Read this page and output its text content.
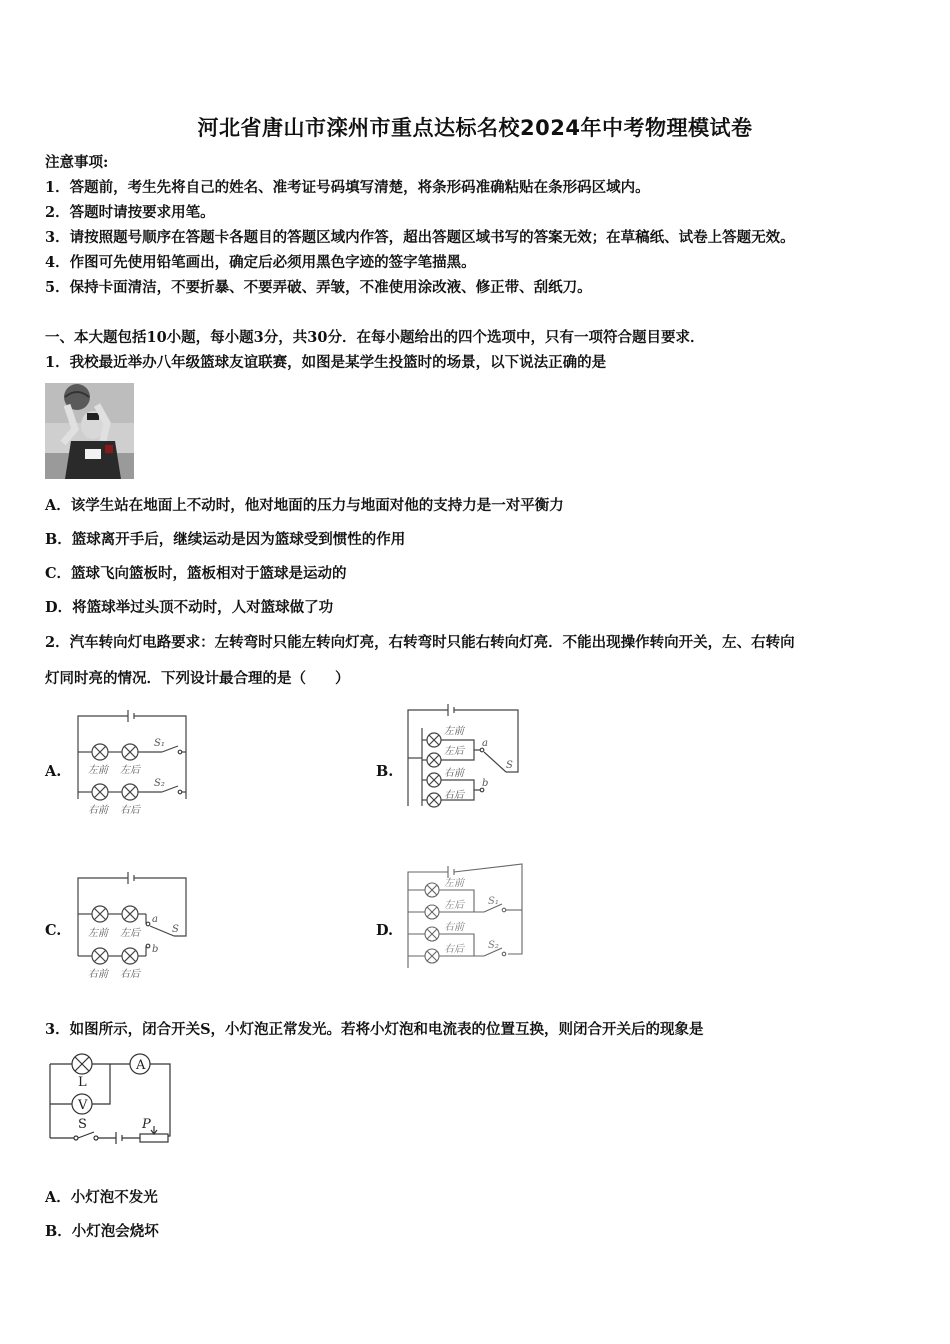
河北省唐山市滦州市重点达标名校2024年中考物理模试卷
注意事项:
1．答题前，考生先将自己的姓名、准考证号码填写清楚，将条形码准确粘贴在条形码区域内。
2．答题时请按要求用笔。
3．请按照题号顺序在答题卡各题目的答题区域内作答，超出答题区域书写的答案无效；在草稿纸、试卷上答题无效。
4．作图可先使用铅笔画出，确定后必须用黑色字迹的签字笔描黑。
5．保持卡面清洁，不要折暴、不要弄破、弄皱，不准使用涂改液、修正带、刮纸刀。
一、本大题包括10小题，每小题3分，共30分．在每小题给出的四个选项中，只有一项符合题目要求．
1．我校最近举办八年级篮球友谊联赛，如图是某学生投篮时的场景，以下说法正确的是
A．该学生站在地面上不动时，他对地面的压力与地面对他的支持力是一对平衡力
B．篮球离开手后，继续运动是因为篮球受到惯性的作用
C．篮球飞向篮板时，篮板相对于篮球是运动的
D．将篮球举过头顶不动时，人对篮球做了功
2．汽车转向灯电路要求：左转弯时只能左转向灯亮，右转弯时只能右转向灯亮．不能出现操作转向开关，左、右转向
灯同时亮的情况．下列设计最合理的是（　　）
A.	左前 左后
右前 右后
S₁
S₂
B.
左前
左后
右前
右后
a
b
S
C.	左前 左后
右前 右后
a
b
S	D.
左前
左后
右前
右后
S₁
S₂
3．如图所示，闭合开关S，小灯泡正常发光。若将小灯泡和电流表的位置互换，则闭合开关后的现象是
A
L
V
S	P
A．小灯泡不发光
B．小灯泡会烧坏
